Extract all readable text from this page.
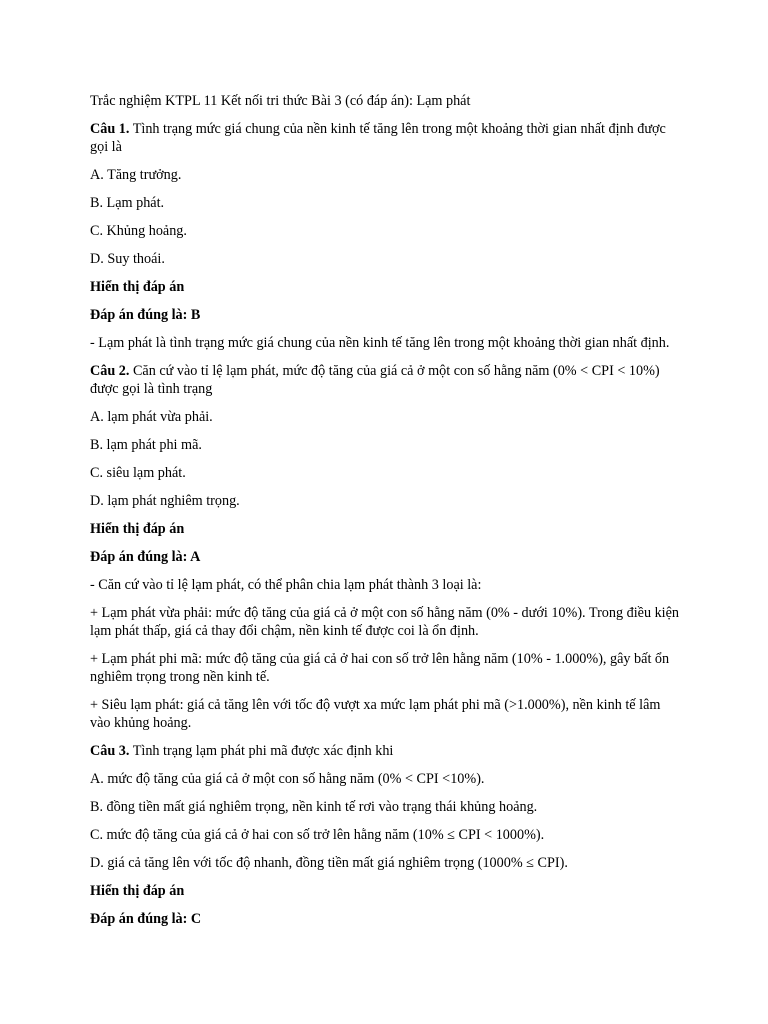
Trắc nghiệm KTPL 11 Kết nối tri thức Bài 3 (có đáp án): Lạm phát
Câu 1. Tình trạng mức giá chung của nền kinh tế tăng lên trong một khoảng thời gian nhất định được gọi là
A. Tăng trưởng.
B. Lạm phát.
C. Khủng hoảng.
D. Suy thoái.
Hiển thị đáp án
Đáp án đúng là: B
- Lạm phát là tình trạng mức giá chung của nền kinh tế tăng lên trong một khoảng thời gian nhất định.
Câu 2. Căn cứ vào tỉ lệ lạm phát, mức độ tăng của giá cả ở một con số hằng năm (0% < CPI < 10%) được gọi là tình trạng
A. lạm phát vừa phải.
B. lạm phát phi mã.
C. siêu lạm phát.
D. lạm phát nghiêm trọng.
Hiển thị đáp án
Đáp án đúng là: A
- Căn cứ vào tỉ lệ lạm phát, có thể phân chia lạm phát thành 3 loại là:
+ Lạm phát vừa phải: mức độ tăng của giá cả ở một con số hằng năm (0% - dưới 10%). Trong điều kiện lạm phát thấp, giá cả thay đổi chậm, nền kinh tế được coi là ổn định.
+ Lạm phát phi mã: mức độ tăng của giá cả ở hai con số trở lên hằng năm (10% - 1.000%), gây bất ổn nghiêm trọng trong nền kinh tế.
+ Siêu lạm phát: giá cả tăng lên với tốc độ vượt xa mức lạm phát phi mã (>1.000%), nền kinh tế lâm vào khủng hoảng.
Câu 3. Tình trạng lạm phát phi mã được xác định khi
A. mức độ tăng của giá cả ở một con số hằng năm (0% < CPI <10%).
B. đồng tiền mất giá nghiêm trọng, nền kinh tế rơi vào trạng thái khủng hoảng.
C. mức độ tăng của giá cả ở hai con số trở lên hằng năm (10% ≤ CPI < 1000%).
D. giá cả tăng lên với tốc độ nhanh, đồng tiền mất giá nghiêm trọng (1000% ≤ CPI).
Hiển thị đáp án
Đáp án đúng là: C
